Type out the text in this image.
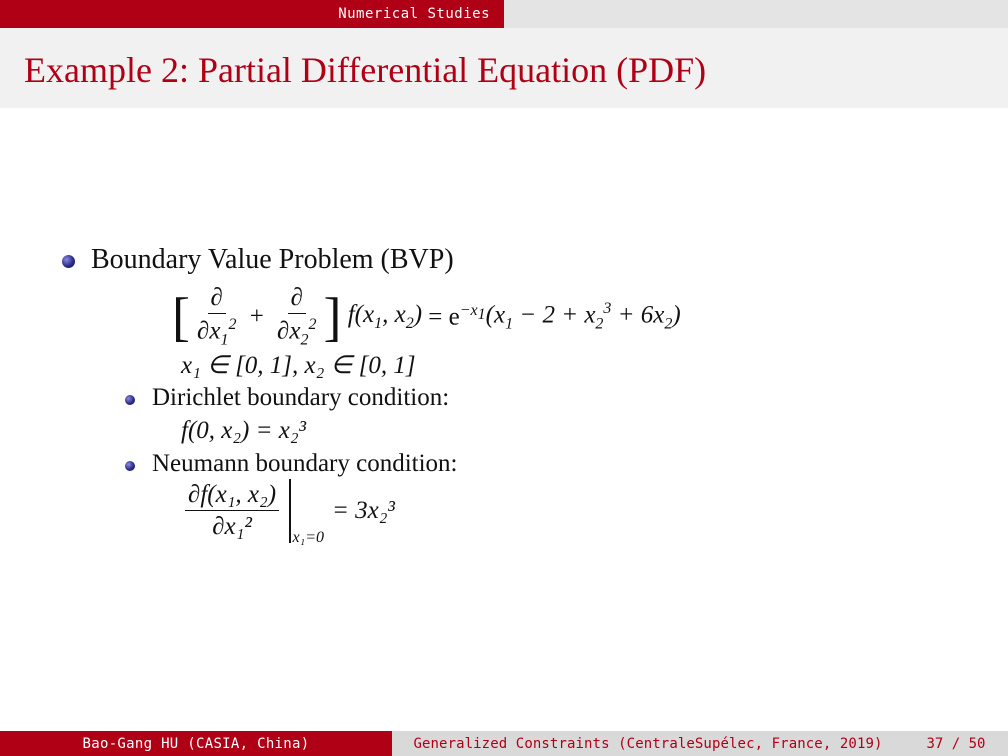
Numerical Studies
Example 2: Partial Differential Equation (PDF)
Boundary Value Problem (BVP)
[ $\frac{\partial}{\partial x_1^2} + \frac{\partial}{\partial x_2^2}$ ] $f(x_1$, $x_2) = e^{-x_1}$ $(x_1 - 2 + x_2^3 + 6x_2)$
x₁ ∈ [0, 1], x₂ ∈ [0, 1]
Dirichlet boundary condition:
f(0, x₂) = x₂³
Neumann boundary condition:
$\frac{\text{∂f(x₁, x₂)}}{\text{∂x₁²}} x_1=0$
= 3x₂³
Bao-Gang HU (CASIA, China)	Generalized Constraints (CentraleSupélec, France, 2019)	37 / 50
